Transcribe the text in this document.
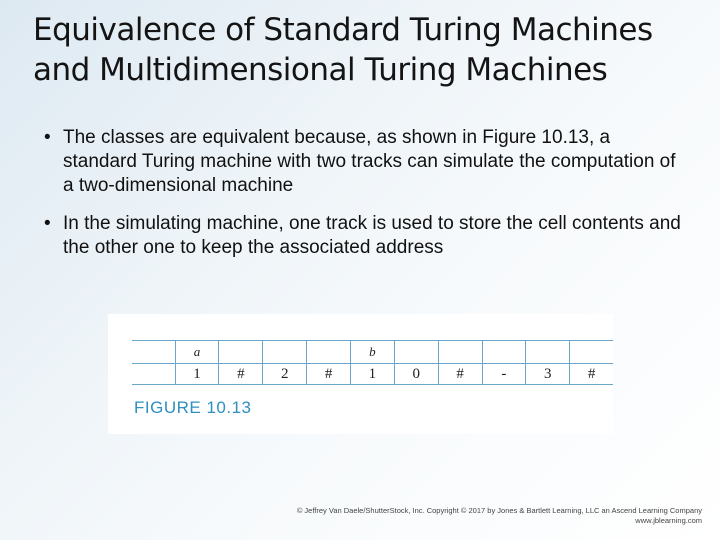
Equivalence of Standard Turing Machines and Multidimensional Turing Machines
• The classes are equivalent because, as shown in Figure 10.13, a standard Turing machine with two tracks can simulate the computation of a two-dimensional machine
• In the simulating machine, one track is used to store the cell contents and the other one to keep the associated address
	a				b					
	1	#	2	#	1	0	#	-	3	#
FIGURE 10.13
© Jeffrey Van Daele/ShutterStock, Inc. Copyright © 2017 by Jones & Bartlett Learning, LLC an Ascend Learning Company
www.jblearning.com
